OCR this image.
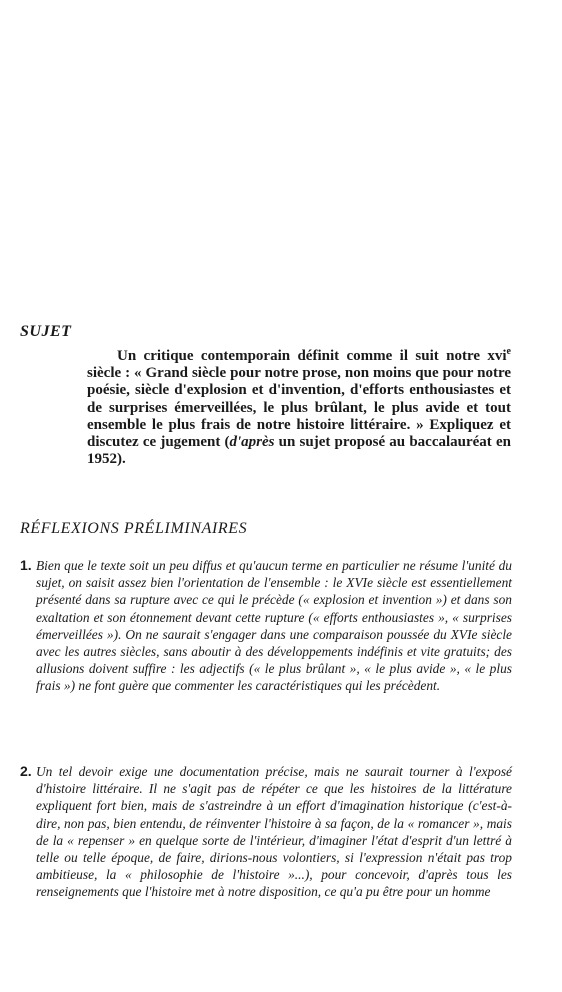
SUJET
Un critique contemporain définit comme il suit notre xvi$^e$ siècle : « Grand siècle pour notre prose, non moins que pour notre poésie, siècle d'explosion et d'invention, d'efforts enthousiastes et de surprises émerveillées, le plus brûlant, le plus avide et tout ensemble le plus frais de notre histoire littéraire. » Expliquez et discutez ce jugement (d'après un sujet proposé au baccalauréat en 1952).
RÉFLEXIONS PRÉLIMINAIRES
1. Bien que le texte soit un peu diffus et qu'aucun terme en particulier ne résume l'unité du sujet, on saisit assez bien l'orientation de l'ensemble : le XVIe siècle est essentiellement présenté dans sa rupture avec ce qui le précède (« explosion et invention ») et dans son exaltation et son étonnement devant cette rupture (« efforts enthousiastes », « surprises émerveillées »). On ne saurait s'engager dans une comparaison poussée du XVIe siècle avec les autres siècles, sans aboutir à des développements indéfinis et vite gratuits; des allusions doivent suffire : les adjectifs (« le plus brûlant », « le plus avide », « le plus frais ») ne font guère que commenter les caractéristiques qui les précèdent.
2. Un tel devoir exige une documentation précise, mais ne saurait tourner à l'exposé d'histoire littéraire. Il ne s'agit pas de répéter ce que les histoires de la littérature expliquent fort bien, mais de s'astreindre à un effort d'imagination historique (c'est-à-dire, non pas, bien entendu, de réinventer l'histoire à sa façon, de la « romancer », mais de la « repenser » en quelque sorte de l'intérieur, d'imaginer l'état d'esprit d'un lettré à telle ou telle époque, de faire, dirions-nous volontiers, si l'expression n'était pas trop ambitieuse, la « philosophie de l'histoire »...), pour concevoir, d'après tous les renseignements que l'histoire met à notre disposition, ce qu'a pu être pour un homme
